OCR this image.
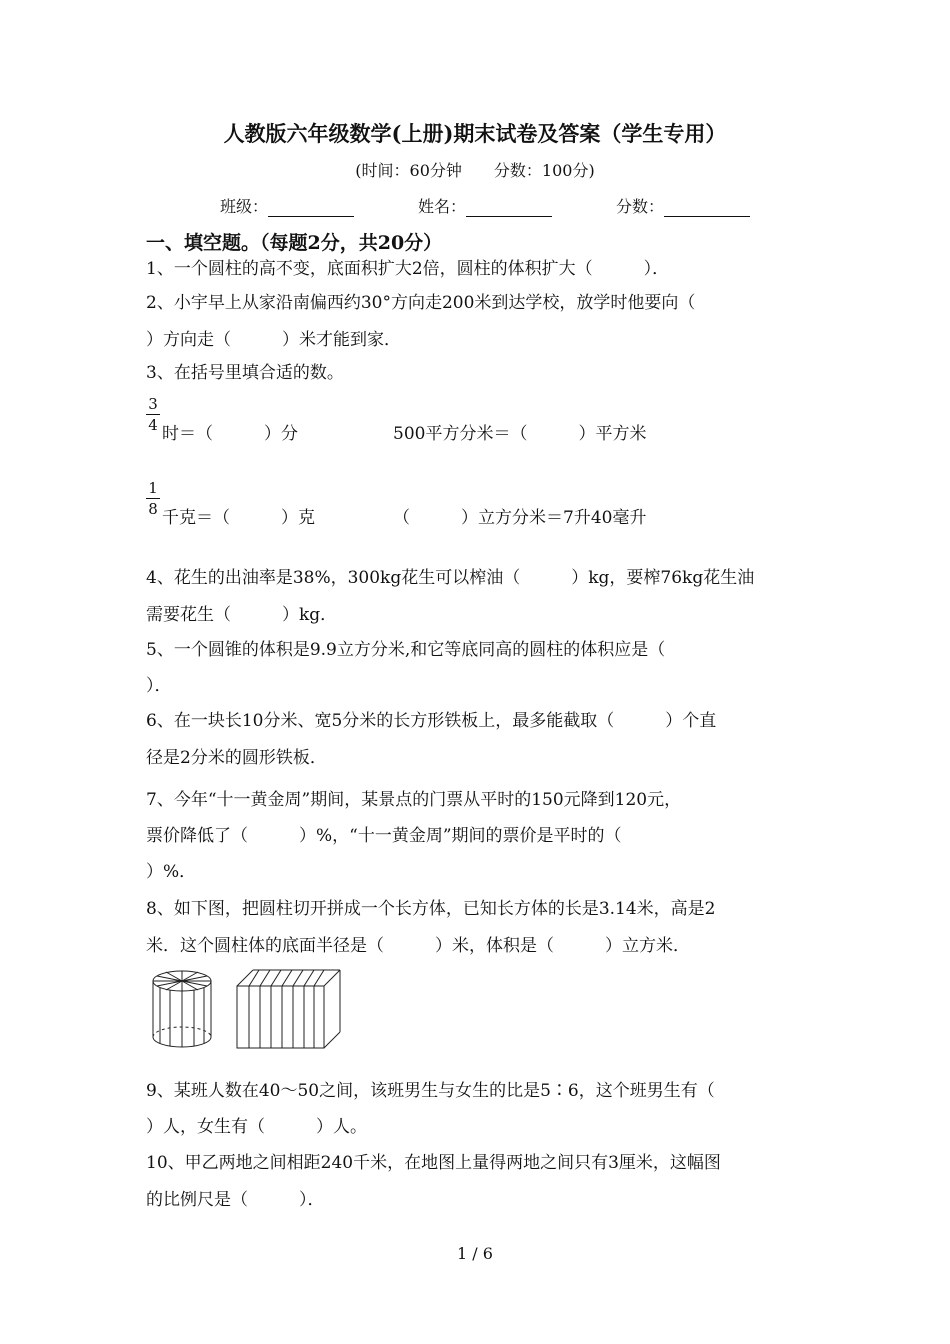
人教版六年级数学(上册)期末试卷及答案（学生专用）
(时间：60分钟　　分数：100分)
班级：	姓名：	分数：
一、填空题。（每题2分，共20分）
1、一个圆柱的高不变，底面积扩大2倍，圆柱的体积扩大（　　　）．
2、小宇早上从家沿南偏西约30°方向走200米到达学校，放学时他要向（
）方向走（　　　）米才能到家．
3、在括号里填合适的数。
3
4 时＝（　　　）分	500平方分米＝（　　　）平方米
1
8 千克＝（　　　）克	（　　　）立方分米＝7升40毫升
4、花生的出油率是38%，300kg花生可以榨油（　　　）kg，要榨76kg花生油
需要花生（　　　）kg．
5、一个圆锥的体积是9.9立方分米,和它等底同高的圆柱的体积应是（
）．
6、在一块长10分米、宽5分米的长方形铁板上，最多能截取（　　　）个直
径是2分米的圆形铁板．
7、今年“十一黄金周”期间，某景点的门票从平时的150元降到120元，
票价降低了（　　　）%，“十一黄金周”期间的票价是平时的（
）%．
8、如下图，把圆柱切开拼成一个长方体，已知长方体的长是3.14米，高是2
米．这个圆柱体的底面半径是（　　　）米，体积是（　　　）立方米．
9、某班人数在40～50之间，该班男生与女生的比是5∶6，这个班男生有（
）人，女生有（　　　）人。
10、甲乙两地之间相距240千米，在地图上量得两地之间只有3厘米，这幅图
的比例尺是（　　　）．
1 / 6
